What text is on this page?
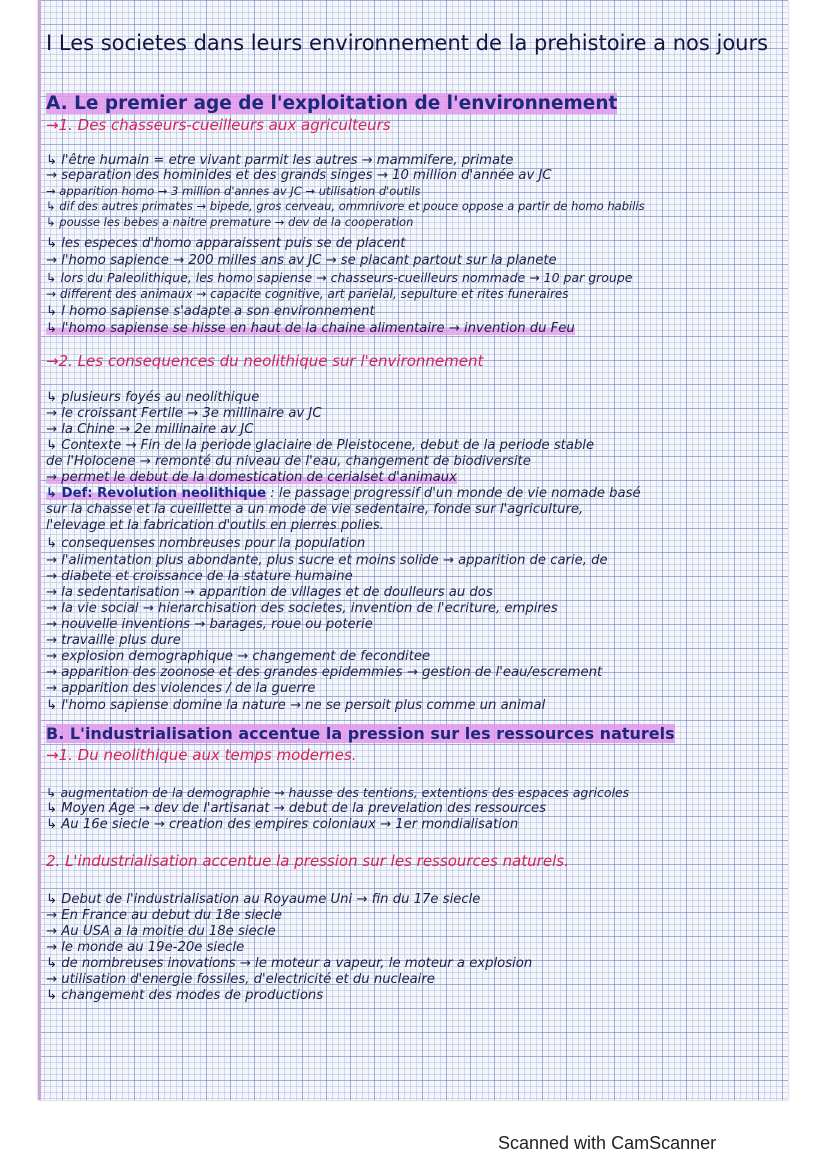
I Les societes dans leurs environnement de la prehistoire a nos jours
A. Le premier age de l'exploitation de l'environnement
→1. Des chasseurs-cueilleurs aux agriculteurs
↳ l'être humain = etre vivant parmit les autres → mammifere, primate
→ separation des hominides et des grands singes → 10 million d'année av JC
→ apparition homo → 3 million d'annes av JC → utilisation d'outils
↳ dif des autres primates → bipede, gros cerveau, ommnivore et pouce oppose a partir de homo habilis
↳ pousse les bebes a naitre premature → dev de la cooperation
↳ les especes d'homo apparaissent puis se de placent
→ l'homo sapience → 200 milles ans av JC → se placant partout sur la planete
↳ lors du Paleolithique, les homo sapiense → chasseurs-cueilleurs nommade → 10 par groupe
→ different des animaux → capacite cognitive, art parielal, sepulture et rites funeraires
↳ l homo sapiense s'adapte a son environnement
↳ l'homo sapiense se hisse en haut de la chaine alimentaire → invention du Feu
→2. Les consequences du neolithique sur l'environnement
↳ plusieurs foyés au neolithique
→ le croissant Fertile → 3e millinaire av JC
→ la Chine → 2e millinaire av JC
↳ Contexte → Fin de la periode glaciaire de Pleistocene, debut de la periode stable
de l'Holocene → remonté du niveau de l'eau, changement de biodiversite
→ permet le debut de la domestication de cerialset d'animaux
↳ Def: Revolution neolithique : le passage progressif d'un monde de vie nomade basé
sur la chasse et la cueillette a un mode de vie sedentaire, fonde sur l'agriculture,
l'elevage et la fabrication d'outils en pierres polies.
↳ consequenses nombreuses pour la population
→ l'alimentation plus abondante, plus sucre et moins solide → apparition de carie, de
→ diabete et croissance de la stature humaine
→ la sedentarisation → apparition de villages et de doulleurs au dos
→ la vie social → hierarchisation des societes, invention de l'ecriture, empires
→ nouvelle inventions → barages, roue ou poterie
→ travaille plus dure
→ explosion demographique → changement de feconditee
→ apparition des zoonose et des grandes epidemmies → gestion de l'eau/escrement
→ apparition des violences / de la guerre
↳ l'homo sapiense domine la nature → ne se persoit plus comme un animal
B. L'industrialisation accentue la pression sur les ressources naturels
→1. Du neolithique aux temps modernes.
↳ augmentation de la demographie → hausse des tentions, extentions des espaces agricoles
↳ Moyen Age → dev de l'artisanat → debut de la prevelation des ressources
↳ Au 16e siecle → creation des empires coloniaux → 1er mondialisation
2. L'industrialisation accentue la pression sur les ressources naturels.
↳ Debut de l'industrialisation au Royaume Uni → fin du 17e siecle
→ En France au debut du 18e siecle
→ Au USA a la moitie du 18e siecle
→ le monde au 19e-20e siecle
↳ de nombreuses inovations → le moteur a vapeur, le moteur a explosion
→ utilisation d'energie fossiles, d'electricité et du nucleaire
↳ changement des modes de productions
Scanned with CamScanner
